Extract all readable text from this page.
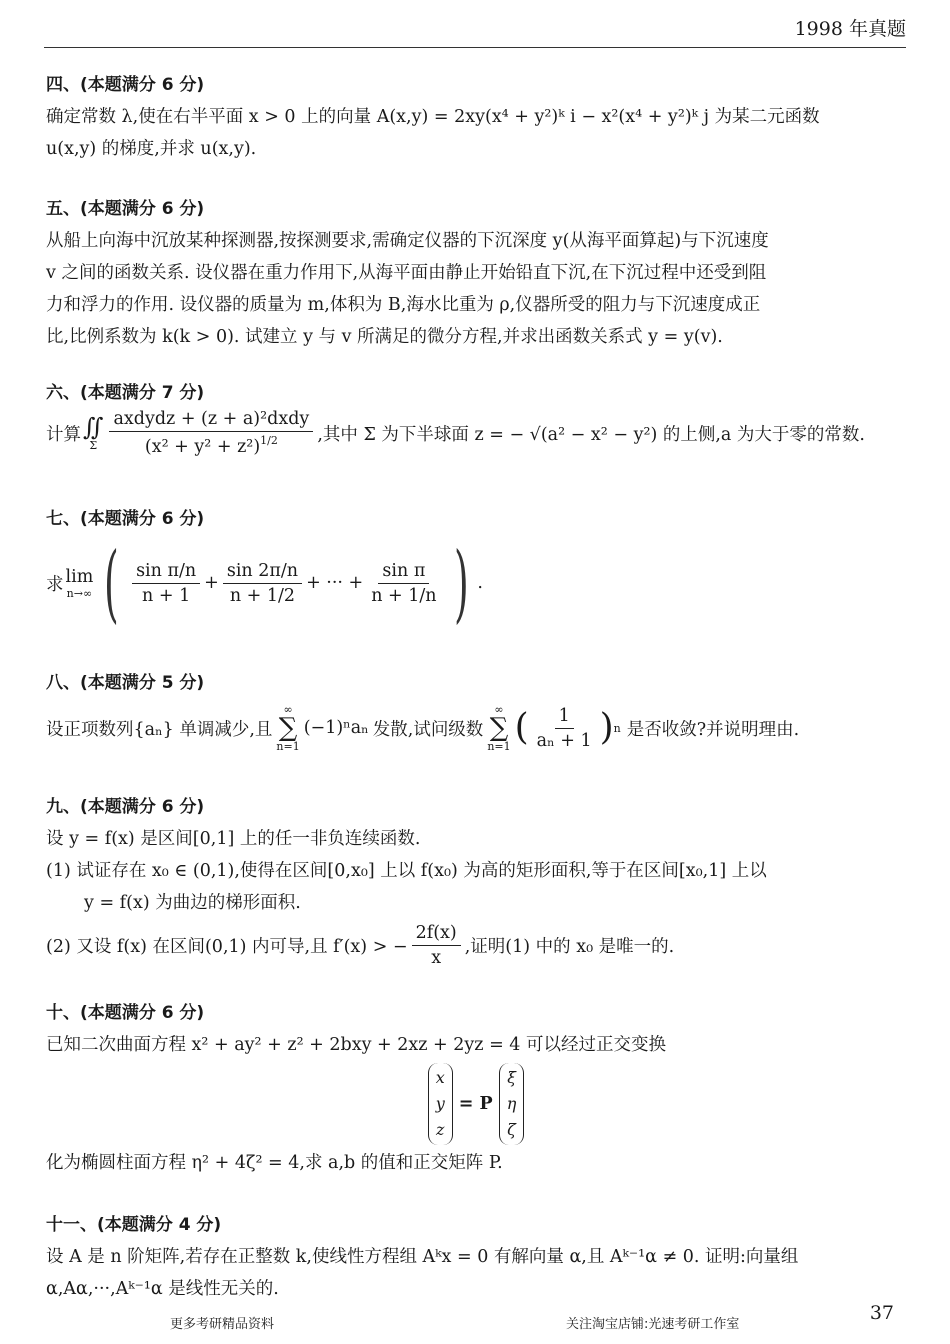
1998 年真题

四、(本题满分 6 分)

确定常数 λ,使在右半平面 x > 0 上的向量 A(x,y) = 2xy(x⁴ + y²)ᵏ i − x²(x⁴ + y²)ᵏ j 为某二元函数

u(x,y) 的梯度,并求 u(x,y).

五、(本题满分 6 分)

从船上向海中沉放某种探测器,按探测要求,需确定仪器的下沉深度 y(从海平面算起)与下沉速度

v 之间的函数关系. 设仪器在重力作用下,从海平面由静止开始铅直下沉,在下沉过程中还受到阻

力和浮力的作用. 设仪器的质量为 m,体积为 B,海水比重为 ρ,仪器所受的阻力与下沉速度成正

比,比例系数为 k(k > 0). 试建立 y 与 v 所满足的微分方程,并求出函数关系式 y = y(v).

六、(本题满分 7 分)

计算 ∬
Σ $\frac{\text{axdydz + (z + a)²dxdy}}{(x^2 + y^2 + z^2)^{1/2}}$ ,其中 Σ 为下半球面 z = − √(a² − x² − y²) 的上侧,a 为大于零的常数.

七、(本题满分 6 分)

求 lim
n→∞ ( $\frac{\text{sin π/n}}{n + 1} + \frac{\sin 2\pi/n}{n + 1/2}$ + ··· + $\frac{\text{sin π}}{n + 1/n}$ ) .

八、(本题满分 5 分)

设正项数列{aₙ} 单调减少,且
∞
∑
n=1
(−1)ⁿaₙ 发散,试问级数
∞
∑
n=1 ( $\frac{1}{\text{aₙ + 1}}$ ) n 是否收敛?并说明理由.

九、(本题满分 6 分)

设 y = f(x) 是区间[0,1] 上的任一非负连续函数.

(1) 试证存在 x₀ ∈ (0,1),使得在区间[0,x₀] 上以 f(x₀) 为高的矩形面积,等于在区间[x₀,1] 上以

y = f(x) 为曲边的梯形面积.

(2) 又设 f(x) 在区间(0,1) 内可导,且 f′(x) > − $\frac{2f(x)}{x}$ ,证明(1) 中的 x₀ 是唯一的.

十、(本题满分 6 分)

已知二次曲面方程 x² + ay² + z² + 2bxy + 2xz + 2yz = 4 可以经过正交变换

x
y
z
= P
ξ
η
ζ

化为椭圆柱面方程 η² + 4ζ² = 4,求 a,b 的值和正交矩阵 P.

十一、(本题满分 4 分)

设 A 是 n 阶矩阵,若存在正整数 k,使线性方程组 Aᵏx = 0 有解向量 α,且 Aᵏ⁻¹α ≠ 0. 证明:向量组

α,Aα,···,Aᵏ⁻¹α 是线性无关的.

更多考研精品资料	关注淘宝店铺:光速考研工作室
37
